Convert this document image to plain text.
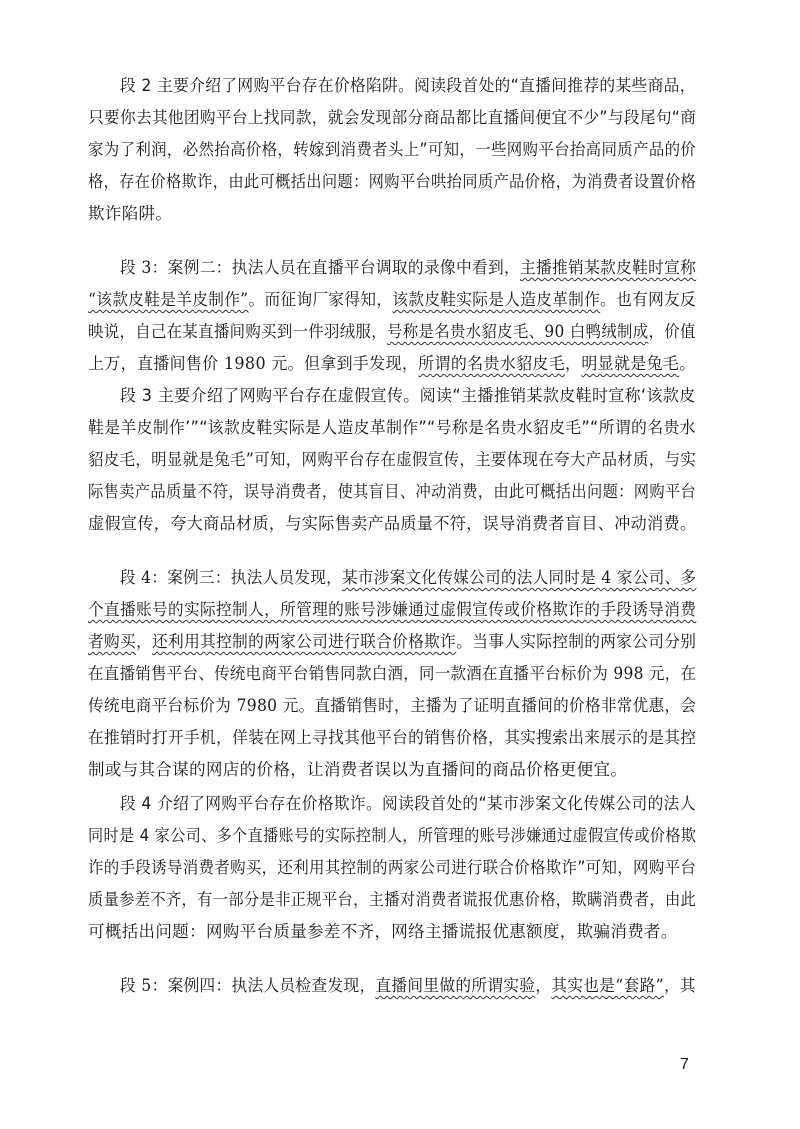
段 2 主要介绍了网购平台存在价格陷阱。阅读段首处的“直播间推荐的某些商品，
只要你去其他团购平台上找同款，就会发现部分商品都比直播间便宜不少”与段尾句“商
家为了利润，必然抬高价格，转嫁到消费者头上”可知，一些网购平台抬高同质产品的价
格，存在价格欺诈，由此可概括出问题：网购平台哄抬同质产品价格，为消费者设置价格
欺诈陷阱。
段 3：案例二：执法人员在直播平台调取的录像中看到，主播推销某款皮鞋时宣称
“该款皮鞋是羊皮制作”。而征询厂家得知，该款皮鞋实际是人造皮革制作。也有网友反
映说，自己在某直播间购买到一件羽绒服，号称是名贵水貂皮毛、90 白鸭绒制成，价值
上万，直播间售价 1980 元。但拿到手发现，所谓的名贵水貂皮毛，明显就是兔毛。
段 3 主要介绍了网购平台存在虚假宣传。阅读“主播推销某款皮鞋时宣称‘该款皮
鞋是羊皮制作’”“该款皮鞋实际是人造皮革制作”“号称是名贵水貂皮毛”“所谓的名贵水
貂皮毛，明显就是兔毛”可知，网购平台存在虚假宣传，主要体现在夸大产品材质，与实
际售卖产品质量不符，误导消费者，使其盲目、冲动消费，由此可概括出问题：网购平台
虚假宣传，夸大商品材质，与实际售卖产品质量不符，误导消费者盲目、冲动消费。
段 4：案例三：执法人员发现，某市涉案文化传媒公司的法人同时是 4 家公司、多
个直播账号的实际控制人，所管理的账号涉嫌通过虚假宣传或价格欺诈的手段诱导消费
者购买，还利用其控制的两家公司进行联合价格欺诈。当事人实际控制的两家公司分别
在直播销售平台、传统电商平台销售同款白酒，同一款酒在直播平台标价为 998 元，在
传统电商平台标价为 7980 元。直播销售时，主播为了证明直播间的价格非常优惠，会
在推销时打开手机，佯装在网上寻找其他平台的销售价格，其实搜索出来展示的是其控
制或与其合谋的网店的价格，让消费者误以为直播间的商品价格更便宜。
段 4 介绍了网购平台存在价格欺诈。阅读段首处的“某市涉案文化传媒公司的法人
同时是 4 家公司、多个直播账号的实际控制人，所管理的账号涉嫌通过虚假宣传或价格欺
诈的手段诱导消费者购买，还利用其控制的两家公司进行联合价格欺诈”可知，网购平台
质量参差不齐，有一部分是非正规平台，主播对消费者谎报优惠价格，欺瞒消费者，由此
可概括出问题：网购平台质量参差不齐，网络主播谎报优惠额度，欺骗消费者。
段 5：案例四：执法人员检查发现，直播间里做的所谓实验，其实也是“套路”，其
7
